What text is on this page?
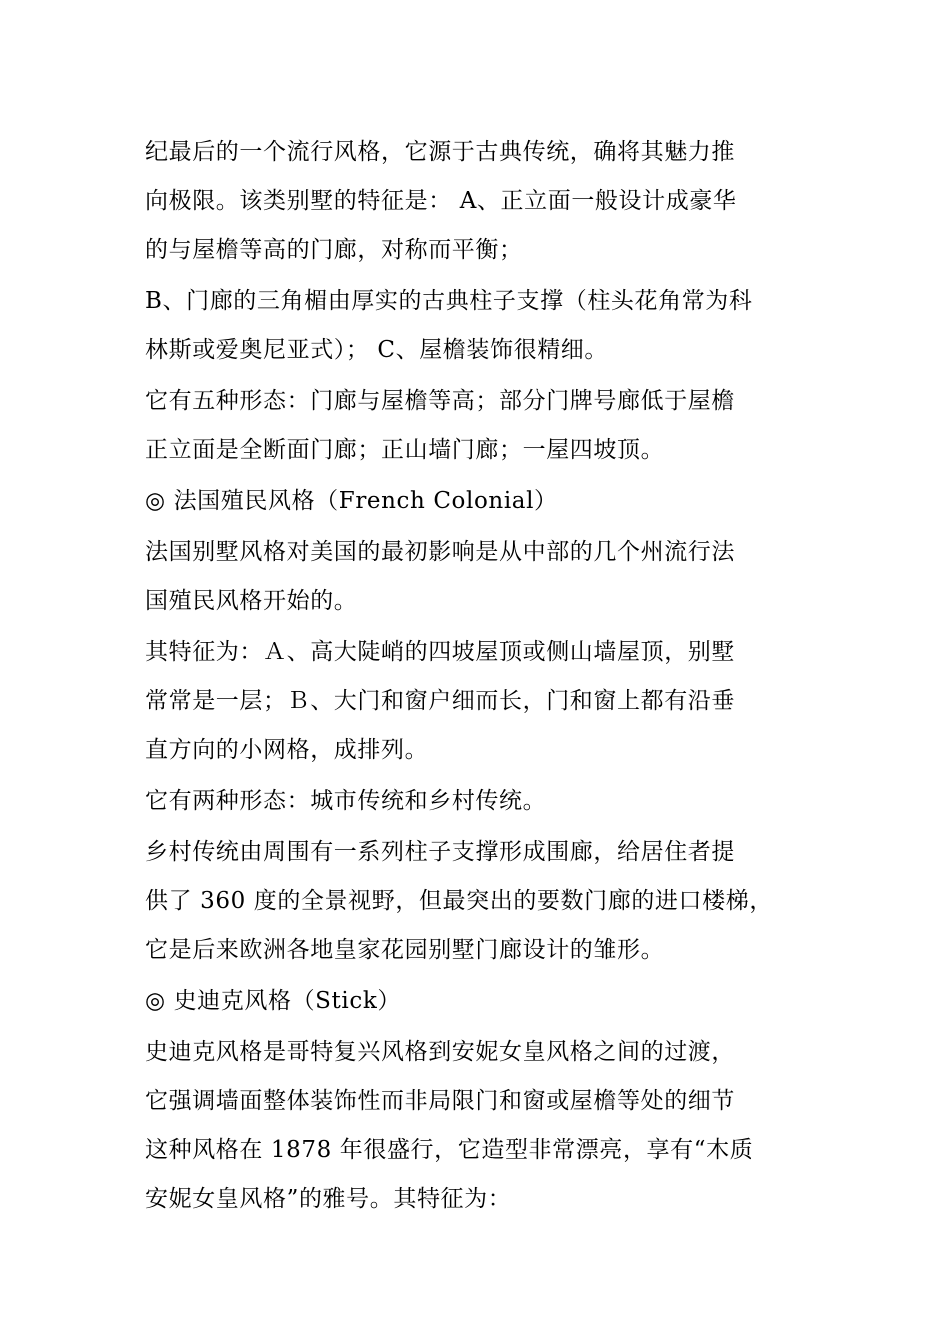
纪最后的一个流行风格，它源于古典传统，确将其魅力推
向极限。该类别墅的特征是： A、正立面一般设计成豪华
的与屋檐等高的门廊，对称而平衡；

B、门廊的三角楣由厚实的古典柱子支撑（柱头花角常为科
林斯或爱奥尼亚式）； C、屋檐装饰很精细。

它有五种形态：门廊与屋檐等高；部分门牌号廊低于屋檐
正立面是全断面门廊；正山墙门廊；一屋四坡顶。

◎ 法国殖民风格（French Colonial）

法国别墅风格对美国的最初影响是从中部的几个州流行法
国殖民风格开始的。

其特征为：Ａ、高大陡峭的四坡屋顶或侧山墙屋顶，别墅
常常是一层；Ｂ、大门和窗户细而长，门和窗上都有沿垂
直方向的小网格，成排列。

它有两种形态：城市传统和乡村传统。

乡村传统由周围有一系列柱子支撑形成围廊，给居住者提
供了 360 度的全景视野，但最突出的要数门廊的进口楼梯，
它是后来欧洲各地皇家花园别墅门廊设计的雏形。

◎ 史迪克风格（Stick）

史迪克风格是哥特复兴风格到安妮女皇风格之间的过渡，
它强调墙面整体装饰性而非局限门和窗或屋檐等处的细节
这种风格在 1878 年很盛行，它造型非常漂亮，享有“木质
安妮女皇风格”的雅号。其特征为：
